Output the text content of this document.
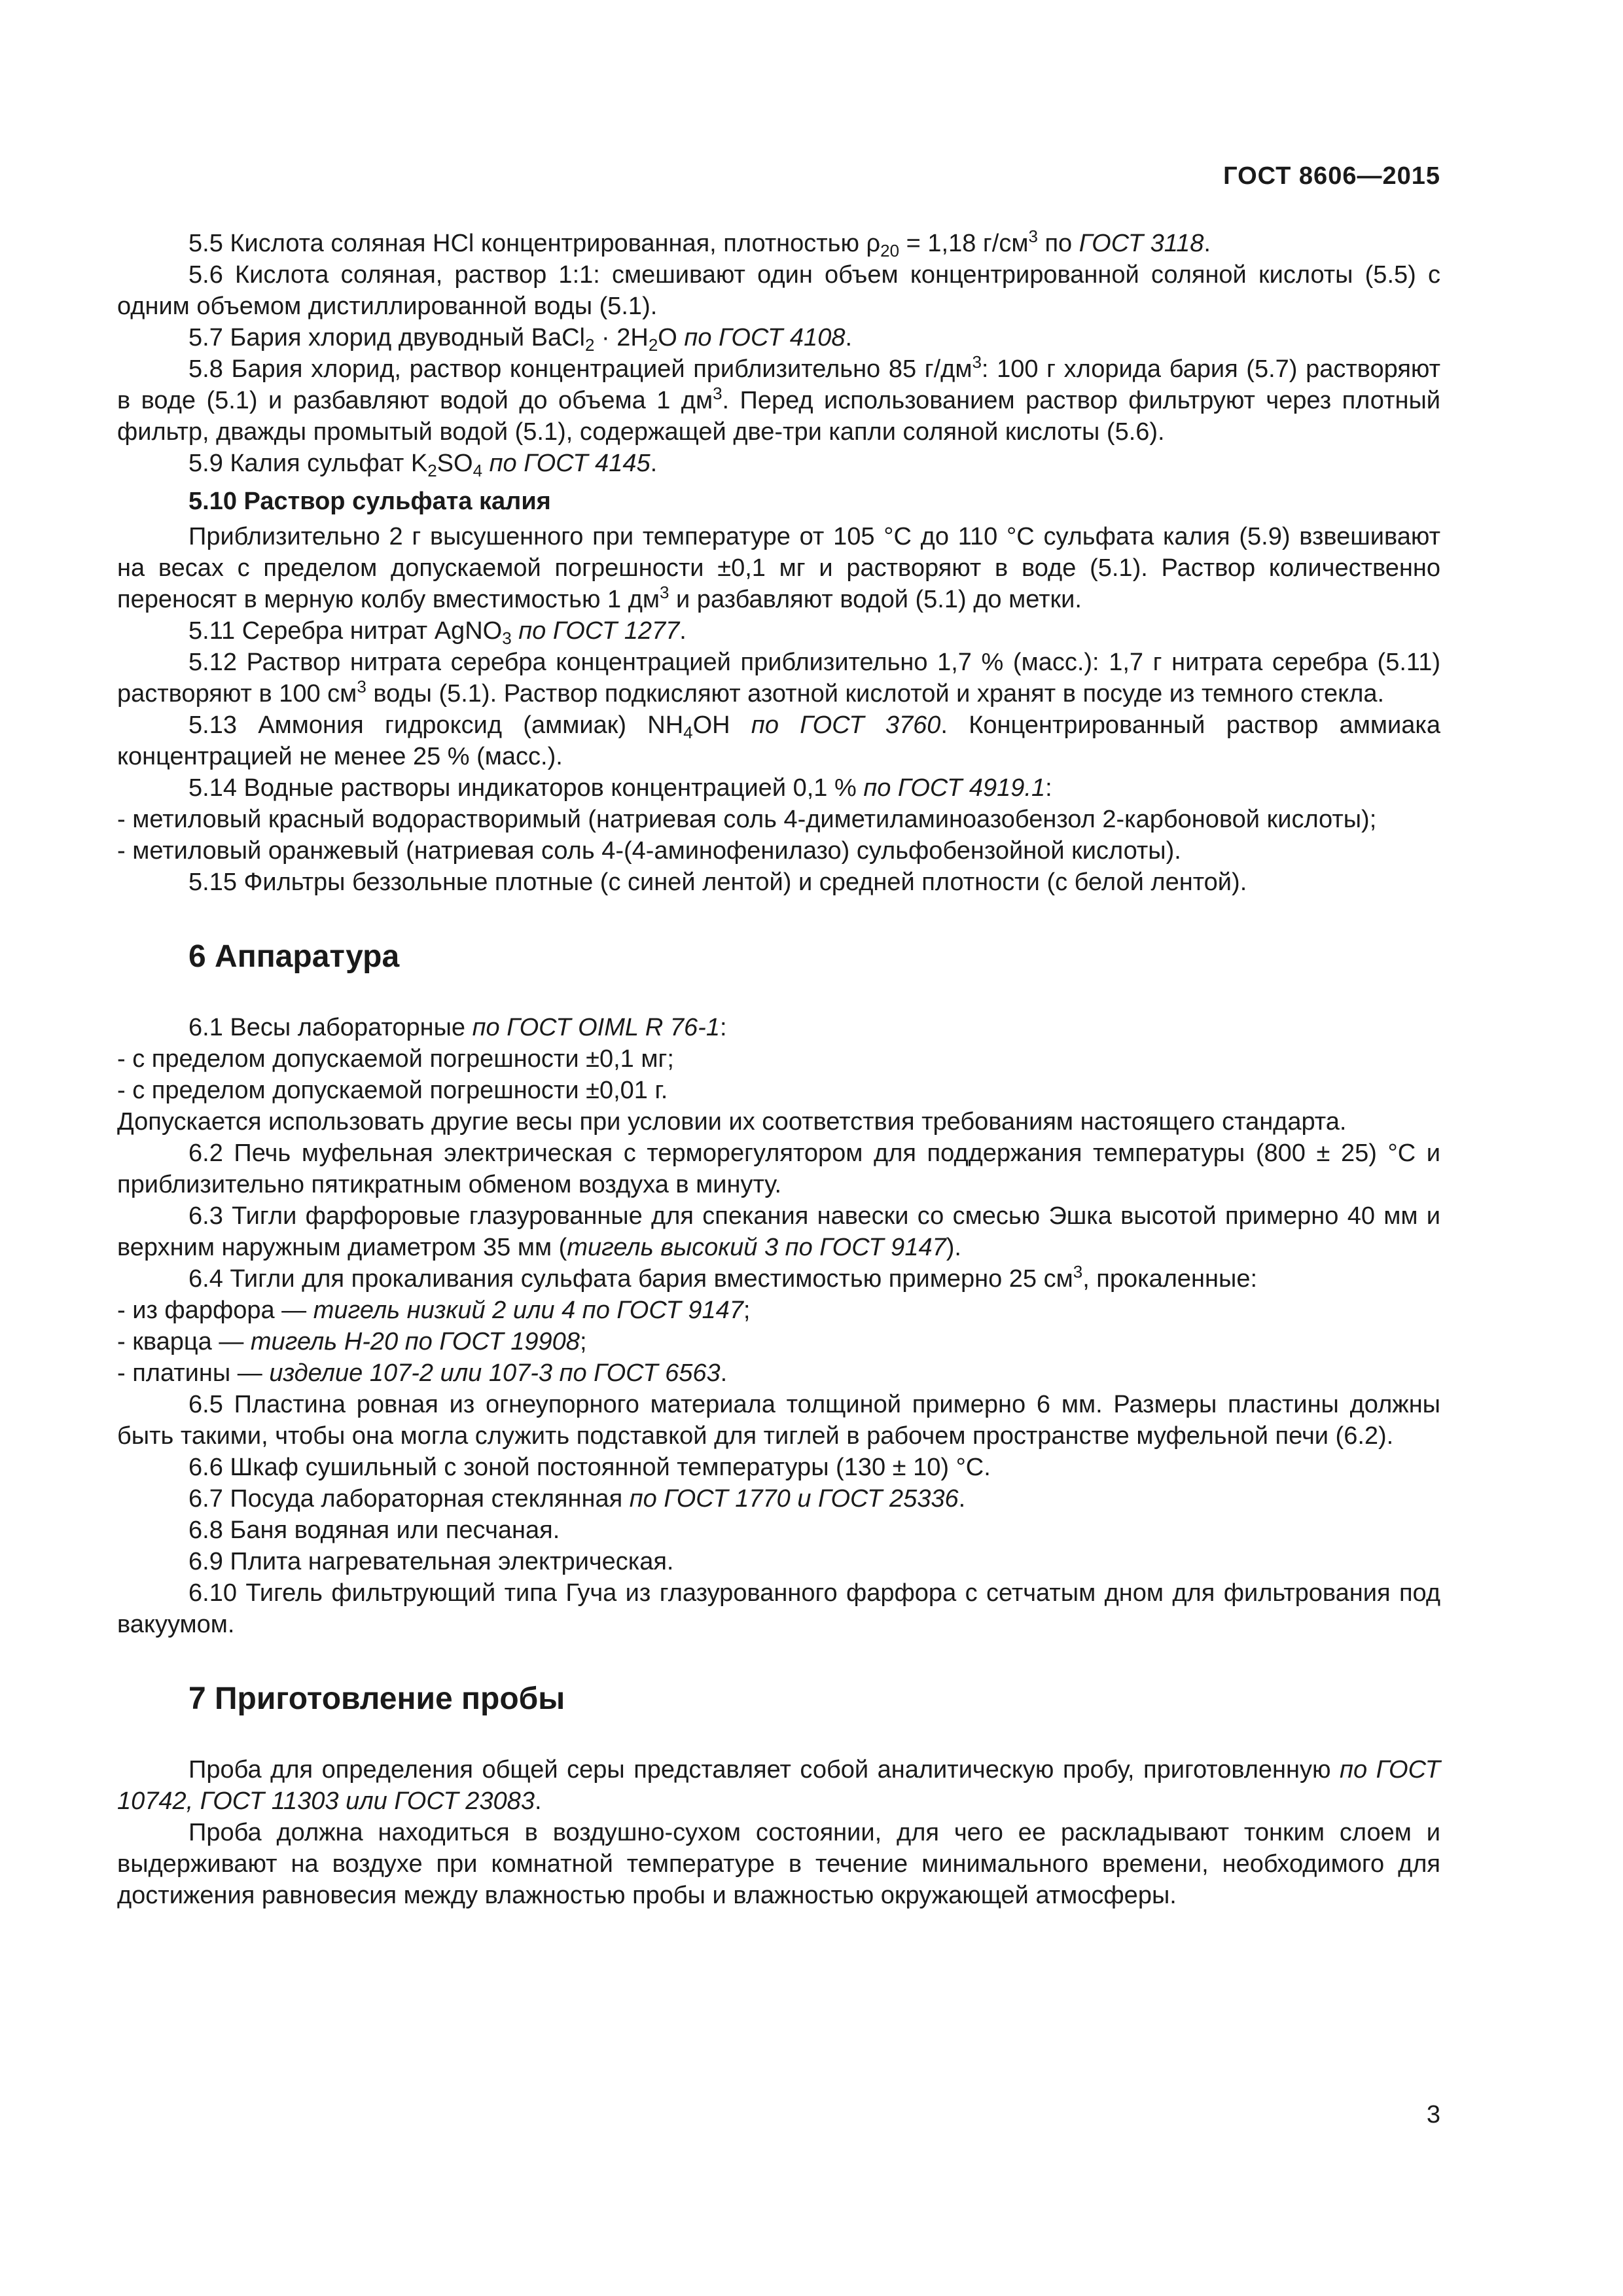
ГОСТ 8606—2015

5.5 Кислота соляная HCl концентрированная, плотностью $\rho_{20} = 1,18$ $г/см^3$ по ГОСТ 3118.

5.6 Кислота соляная, раствор 1:1: смешивают один объем концентрированной соляной кислоты (5.5) с одним объемом дистиллированной воды (5.1).

5.7 Бария хлорид двуводный BaCl$_2$ · $2H_2O$ по ГОСТ 4108.

5.8 Бария хлорид, раствор концентрацией приблизительно 85 $г/дм^3$: 100 г хлорида бария (5.7) растворяют в воде (5.1) и разбавляют водой до объема 1 $дм^3$. Перед использованием раствор фильтруют через плотный фильтр, дважды промытый водой (5.1), содержащей две-три капли соляной кислоты (5.6).

5.9 Калия сульфат $K_2SO_4$ по ГОСТ 4145.

5.10 Раствор сульфата калия

Приблизительно 2 г высушенного при температуре от 105 °С до 110 °С сульфата калия (5.9) взвешивают на весах с пределом допускаемой погрешности ±0,1 мг и растворяют в воде (5.1). Раствор количественно переносят в мерную колбу вместимостью 1 $дм^3$ и разбавляют водой (5.1) до метки.

5.11 Серебра нитрат AgNO$_3$ по ГОСТ 1277.

5.12 Раствор нитрата серебра концентрацией приблизительно 1,7 % (масс.): 1,7 г нитрата серебра (5.11) растворяют в 100 $см^3$ воды (5.1). Раствор подкисляют азотной кислотой и хранят в посуде из темного стекла.

5.13 Аммония гидроксид (аммиак) $NH_4OH$ по ГОСТ 3760. Концентрированный раствор аммиака концентрацией не менее 25 % (масс.).

5.14 Водные растворы индикаторов концентрацией 0,1 % по ГОСТ 4919.1:

- метиловый красный водорастворимый (натриевая соль 4-диметиламиноазобензол 2-карбоновой кислоты);

- метиловый оранжевый (натриевая соль 4-(4-аминофенилазо) сульфобензойной кислоты).

5.15 Фильтры беззольные плотные (с синей лентой) и средней плотности (с белой лентой).

6 Аппаратура

6.1 Весы лабораторные по ГОСТ OIML R 76-1:

- с пределом допускаемой погрешности ±0,1 мг;

- с пределом допускаемой погрешности ±0,01 г.

Допускается использовать другие весы при условии их соответствия требованиям настоящего стандарта.

6.2 Печь муфельная электрическая с терморегулятором для поддержания температуры (800 ± 25) °С и приблизительно пятикратным обменом воздуха в минуту.

6.3 Тигли фарфоровые глазурованные для спекания навески со смесью Эшка высотой примерно 40 мм и верхним наружным диаметром 35 мм (тигель высокий 3 по ГОСТ 9147).

6.4 Тигли для прокаливания сульфата бария вместимостью примерно 25 $см^3$, прокаленные:

- из фарфора — тигель низкий 2 или 4 по ГОСТ 9147;

- кварца — тигель Н-20 по ГОСТ 19908;

- платины — изделие 107-2 или 107-3 по ГОСТ 6563.

6.5 Пластина ровная из огнеупорного материала толщиной примерно 6 мм. Размеры пластины должны быть такими, чтобы она могла служить подставкой для тиглей в рабочем пространстве муфельной печи (6.2).

6.6 Шкаф сушильный с зоной постоянной температуры (130 ± 10) °С.

6.7 Посуда лабораторная стеклянная по ГОСТ 1770 и ГОСТ 25336.

6.8 Баня водяная или песчаная.

6.9 Плита нагревательная электрическая.

6.10 Тигель фильтрующий типа Гуча из глазурованного фарфора с сетчатым дном для фильтрования под вакуумом.

7 Приготовление пробы

Проба для определения общей серы представляет собой аналитическую пробу, приготовленную по ГОСТ 10742, ГОСТ 11303 или ГОСТ 23083.

Проба должна находиться в воздушно-сухом состоянии, для чего ее раскладывают тонким слоем и выдерживают на воздухе при комнатной температуре в течение минимального времени, необходимого для достижения равновесия между влажностью пробы и влажностью окружающей атмосферы.

3
